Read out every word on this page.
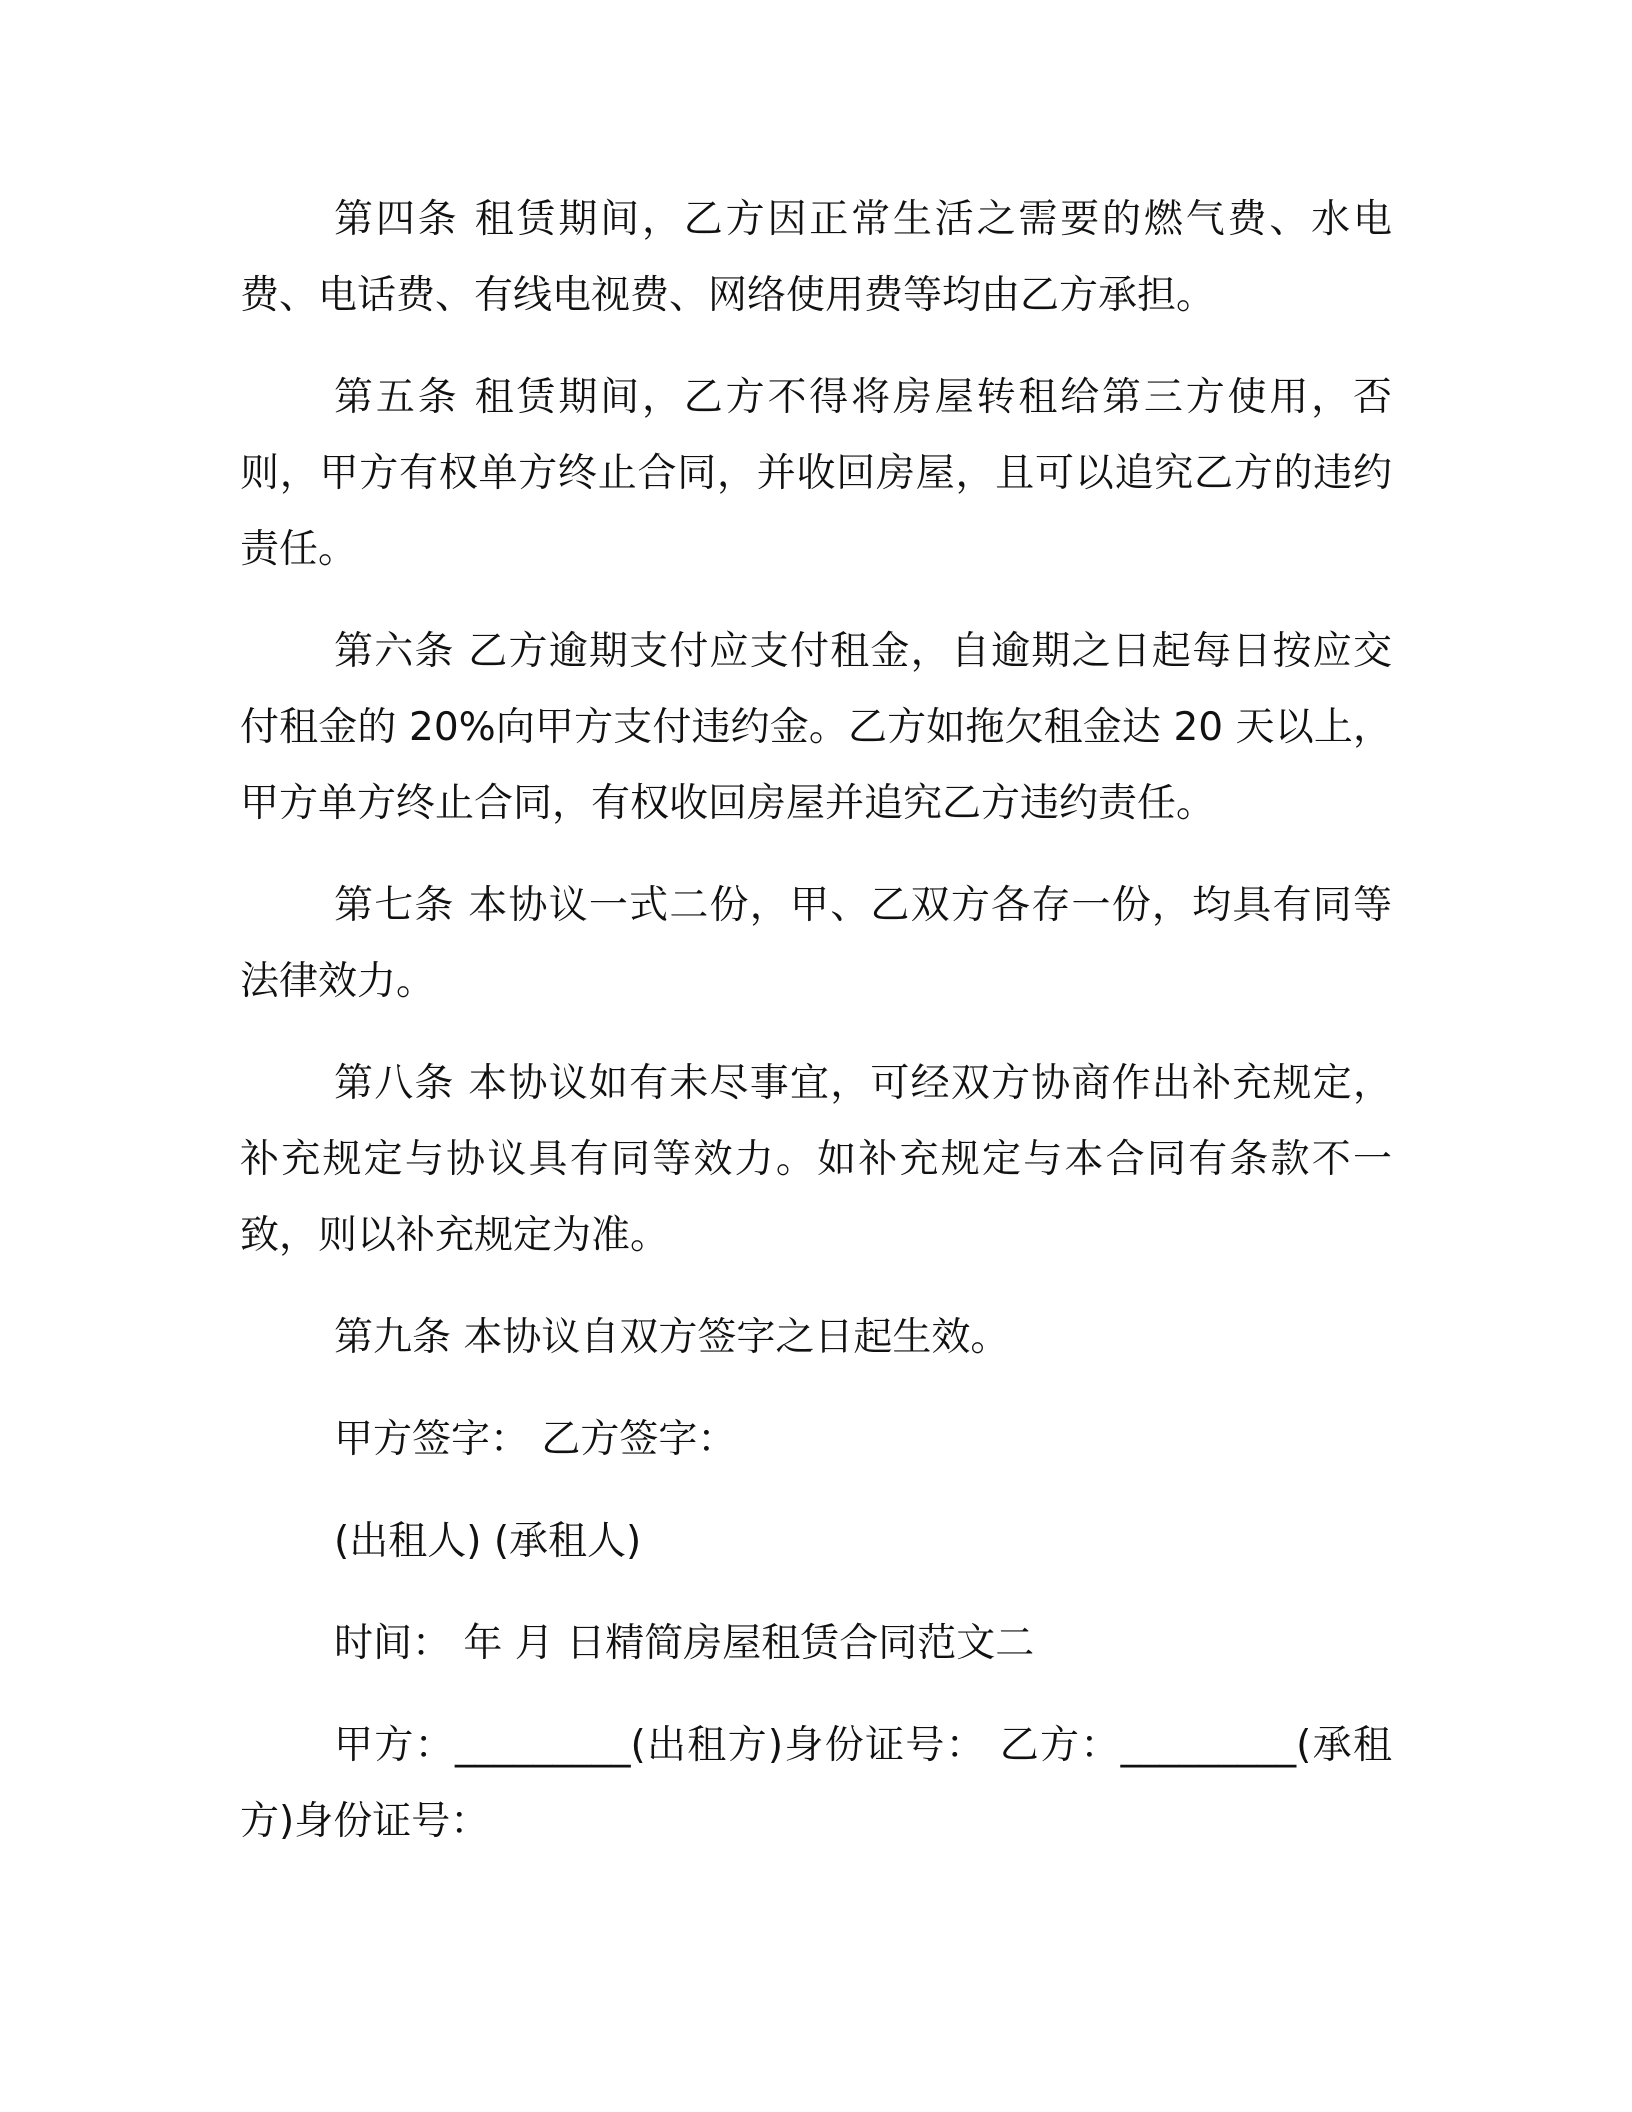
第四条 租赁期间，乙方因正常生活之需要的燃气费、水电费、电话费、有线电视费、网络使用费等均由乙方承担。

第五条 租赁期间，乙方不得将房屋转租给第三方使用，否则，甲方有权单方终止合同，并收回房屋，且可以追究乙方的违约责任。

第六条 乙方逾期支付应支付租金，自逾期之日起每日按应交付租金的 20%向甲方支付违约金。乙方如拖欠租金达 20 天以上，甲方单方终止合同，有权收回房屋并追究乙方违约责任。

第七条 本协议一式二份，甲、乙双方各存一份，均具有同等法律效力。

第八条 本协议如有未尽事宜，可经双方协商作出补充规定，补充规定与协议具有同等效力。如补充规定与本合同有条款不一致，则以补充规定为准。

第九条 本协议自双方签字之日起生效。

甲方签字： 乙方签字：

(出租人) (承租人)

时间： 年 月 日精简房屋租赁合同范文二

甲方：_________(出租方)身份证号： 乙方：_________(承租方)身份证号：
